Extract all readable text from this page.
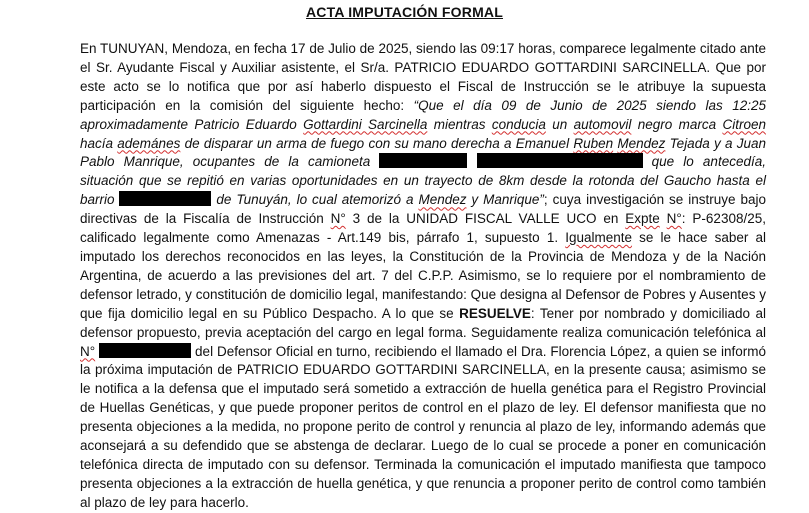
ACTA IMPUTACIÓN FORMAL

En TUNUYAN, Mendoza, en fecha 17 de Julio de 2025, siendo las 09:17 horas, comparece legalmente citado ante el Sr. Ayudante Fiscal y Auxiliar asistente, el Sr/a. PATRICIO EDUARDO GOTTARDINI SARCINELLA. Que por este acto se lo notifica que por así haberlo dispuesto el Fiscal de Instrucción se le atribuye la supuesta participación en la comisión del siguiente hecho: “Que el día 09 de Junio de 2025 siendo las 12:25 aproximadamente Patricio Eduardo Gottardini Sarcinella mientras conducia un automovil negro marca Citroen hacía ademánes de disparar un arma de fuego con su mano derecha a Emanuel Ruben Mendez Tejada y a Juan Pablo Manrique, ocupantes de la camioneta	que lo antecedía, situación que se repitió en varias oportunidades en un trayecto de 8km desde la rotonda del Gaucho hasta el barrio	de Tunuyán, lo cual atemorizó a Mendez y Manrique”; cuya investigación se instruye bajo directivas de la Fiscalía de Instrucción N° 3 de la UNIDAD FISCAL VALLE UCO en Expte N°: P-62308/25, calificado legalmente como Amenazas - Art.149 bis, párrafo 1, supuesto 1. Igualmente se le hace saber al imputado los derechos reconocidos en las leyes, la Constitución de la Provincia de Mendoza y de la Nación Argentina, de acuerdo a las previsiones del art. 7 del C.P.P. Asimismo, se lo requiere por el nombramiento de defensor letrado, y constitución de domicilio legal, manifestando: Que designa al Defensor de Pobres y Ausentes y que fija domicilio legal en su Público Despacho. A lo que se RESUELVE: Tener por nombrado y domiciliado al defensor propuesto, previa aceptación del cargo en legal forma. Seguidamente realiza comunicación telefónica al N°	del Defensor Oficial en turno, recibiendo el llamado el Dra. Florencia López, a quien se informó la próxima imputación de PATRICIO EDUARDO GOTTARDINI SARCINELLA, en la presente causa; asimismo se le notifica a la defensa que el imputado será sometido a extracción de huella genética para el Registro Provincial de Huellas Genéticas, y que puede proponer peritos de control en el plazo de ley. El defensor manifiesta que no presenta objeciones a la medida, no propone perito de control y renuncia al plazo de ley, informando además que aconsejará a su defendido que se abstenga de declarar. Luego de lo cual se procede a poner en comunicación telefónica directa de imputado con su defensor. Terminada la comunicación el imputado manifiesta que tampoco presenta objeciones a la extracción de huella genética, y que renuncia a proponer perito de control como también al plazo de ley para hacerlo.
